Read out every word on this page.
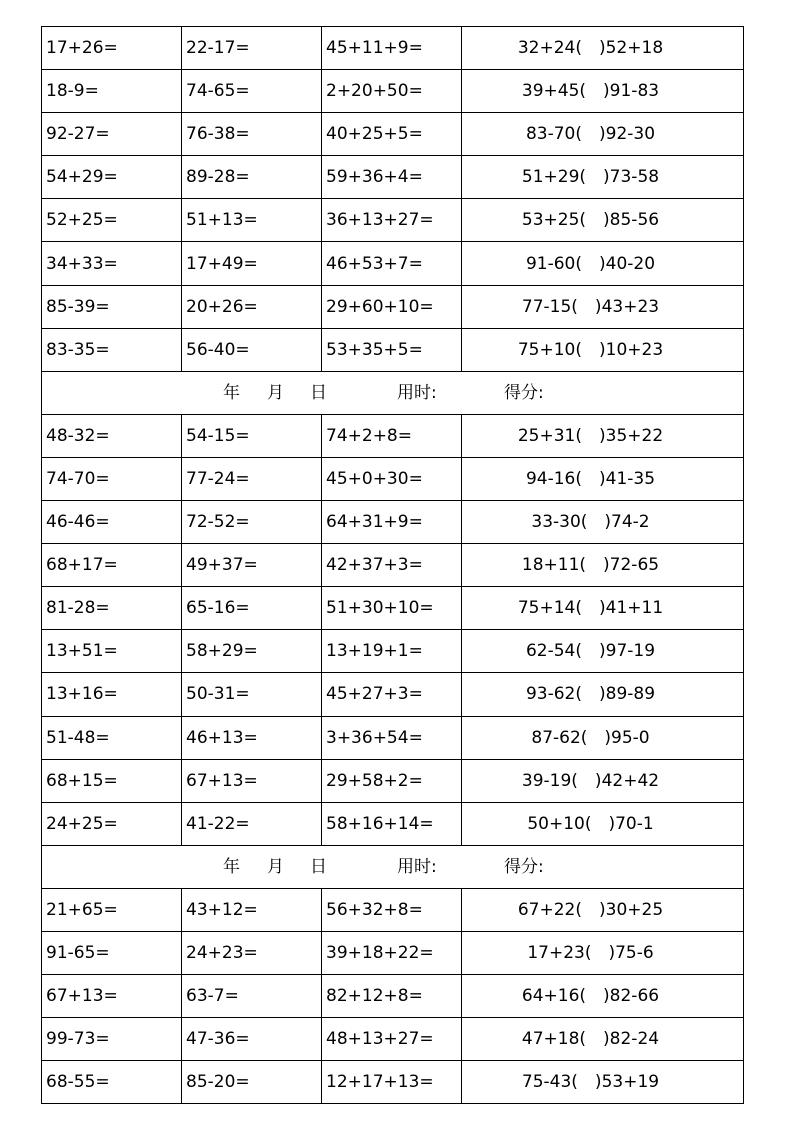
17+26=	22-17=	45+11+9=	32+24(　)52+18
18-9=	74-65=	2+20+50=	39+45(　)91-83
92-27=	76-38=	40+25+5=	83-70(　)92-30
54+29=	89-28=	59+36+4=	51+29(　)73-58
52+25=	51+13=	36+13+27=	53+25(　)85-56
34+33=	17+49=	46+53+7=	91-60(　)40-20
85-39=	20+26=	29+60+10=	77-15(　)43+23
83-35=	56-40=	53+35+5=	75+10(　)10+23

年 月 日 用时: 得分:			

48-32=	54-15=	74+2+8=	25+31(　)35+22
74-70=	77-24=	45+0+30=	94-16(　)41-35
46-46=	72-52=	64+31+9=	33-30(　)74-2
68+17=	49+37=	42+37+3=	18+11(　)72-65
81-28=	65-16=	51+30+10=	75+14(　)41+11
13+51=	58+29=	13+19+1=	62-54(　)97-19
13+16=	50-31=	45+27+3=	93-62(　)89-89
51-48=	46+13=	3+36+54=	87-62(　)95-0
68+15=	67+13=	29+58+2=	39-19(　)42+42
24+25=	41-22=	58+16+14=	50+10(　)70-1

年 月 日 用时: 得分:			

21+65=	43+12=	56+32+8=	67+22(　)30+25
91-65=	24+23=	39+18+22=	17+23(　)75-6
67+13=	63-7=	82+12+8=	64+16(　)82-66
99-73=	47-36=	48+13+27=	47+18(　)82-24
68-55=	85-20=	12+17+13=	75-43(　)53+19
